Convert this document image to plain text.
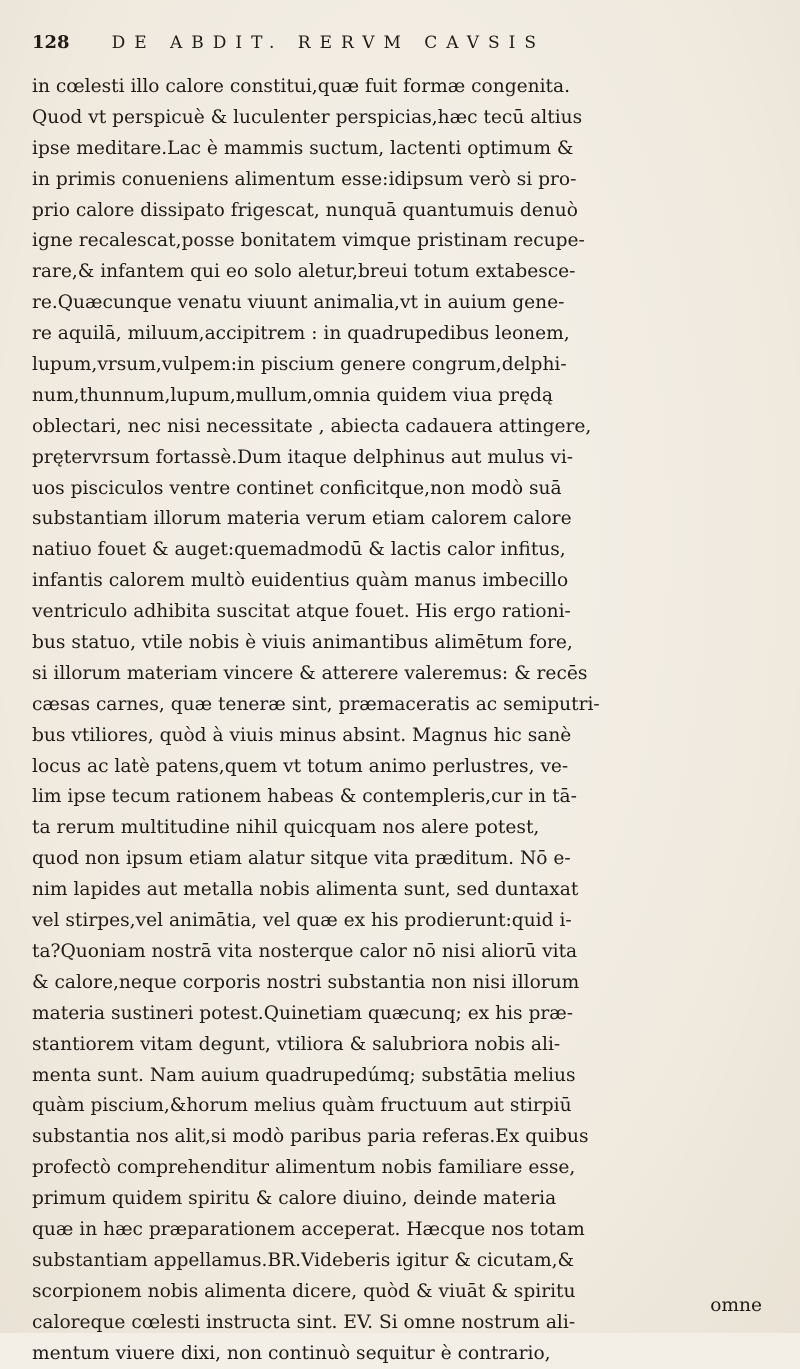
128 DE ABDIT. RERVM CAVSIS
in cœlesti illo calore constitui,quæ fuit formæ congenita.
Quod vt perspicuè & luculenter perspicias,hæc tecū altius
ipse meditare.Lac è mammis suctum, lactenti optimum &
in primis conueniens alimentum esse:idipsum verò si pro-
prio calore dissipato frigescat, nunquā quantumuis denuò
igne recalescat,posse bonitatem vimque pristinam recupe-
rare,& infantem qui eo solo aletur,breui totum extabesce-
re.Quæcunque venatu viuunt animalia,vt in auium gene-
re aquilā, miluum,accipitrem : in quadrupedibus leonem,
lupum,vrsum,vulpem:in piscium genere congrum,delphi-
num,thunnum,lupum,mullum,omnia quidem viua prędą
oblectari, nec nisi necessitate , abiecta cadauera attingere,
prętervrsum fortassè.Dum itaque delphinus aut mulus vi-
uos pisciculos ventre continet conficitque,non modò suā
substantiam illorum materia verum etiam calorem calore
natiuo fouet & auget:quemadmodū & lactis calor infitus,
infantis calorem multò euidentius quàm manus imbecillo
ventriculo adhibita suscitat atque fouet. His ergo rationi-
bus statuo, vtile nobis è viuis animantibus alimētum fore,
si illorum materiam vincere & atterere valeremus: & recēs
cæsas carnes, quæ teneræ sint, præmaceratis ac semiputri-
bus vtiliores, quòd à viuis minus absint. Magnus hic sanè
locus ac latè patens,quem vt totum animo perlustres, ve-
lim ipse tecum rationem habeas & contempleris,cur in tā-
ta rerum multitudine nihil quicquam nos alere potest,
quod non ipsum etiam alatur sitque vita præditum. Nō e-
nim lapides aut metalla nobis alimenta sunt, sed duntaxat
vel stirpes,vel animātia, vel quæ ex his prodierunt:quid i-
ta?Quoniam nostrā vita nosterque calor nō nisi aliorū vita
& calore,neque corporis nostri substantia non nisi illorum
materia sustineri potest.Quinetiam quæcunq; ex his præ-
stantiorem vitam degunt, vtiliora & salubriora nobis ali-
menta sunt. Nam auium quadrupedúmq; substātia melius
quàm piscium,&horum melius quàm fructuum aut stirpiū
substantia nos alit,si modò paribus paria referas.Ex quibus
profectò comprehenditur alimentum nobis familiare esse,
primum quidem spiritu & calore diuino, deinde materia
quæ in hæc præparationem acceperat. Hæcque nos totam
substantiam appellamus.BR.Videberis igitur & cicutam,&
scorpionem nobis alimenta dicere, quòd & viuāt & spiritu
caloreque cœlesti instructa sint. EV. Si omne nostrum ali-
mentum viuere dixi, non continuò sequitur è contrario,
omne
